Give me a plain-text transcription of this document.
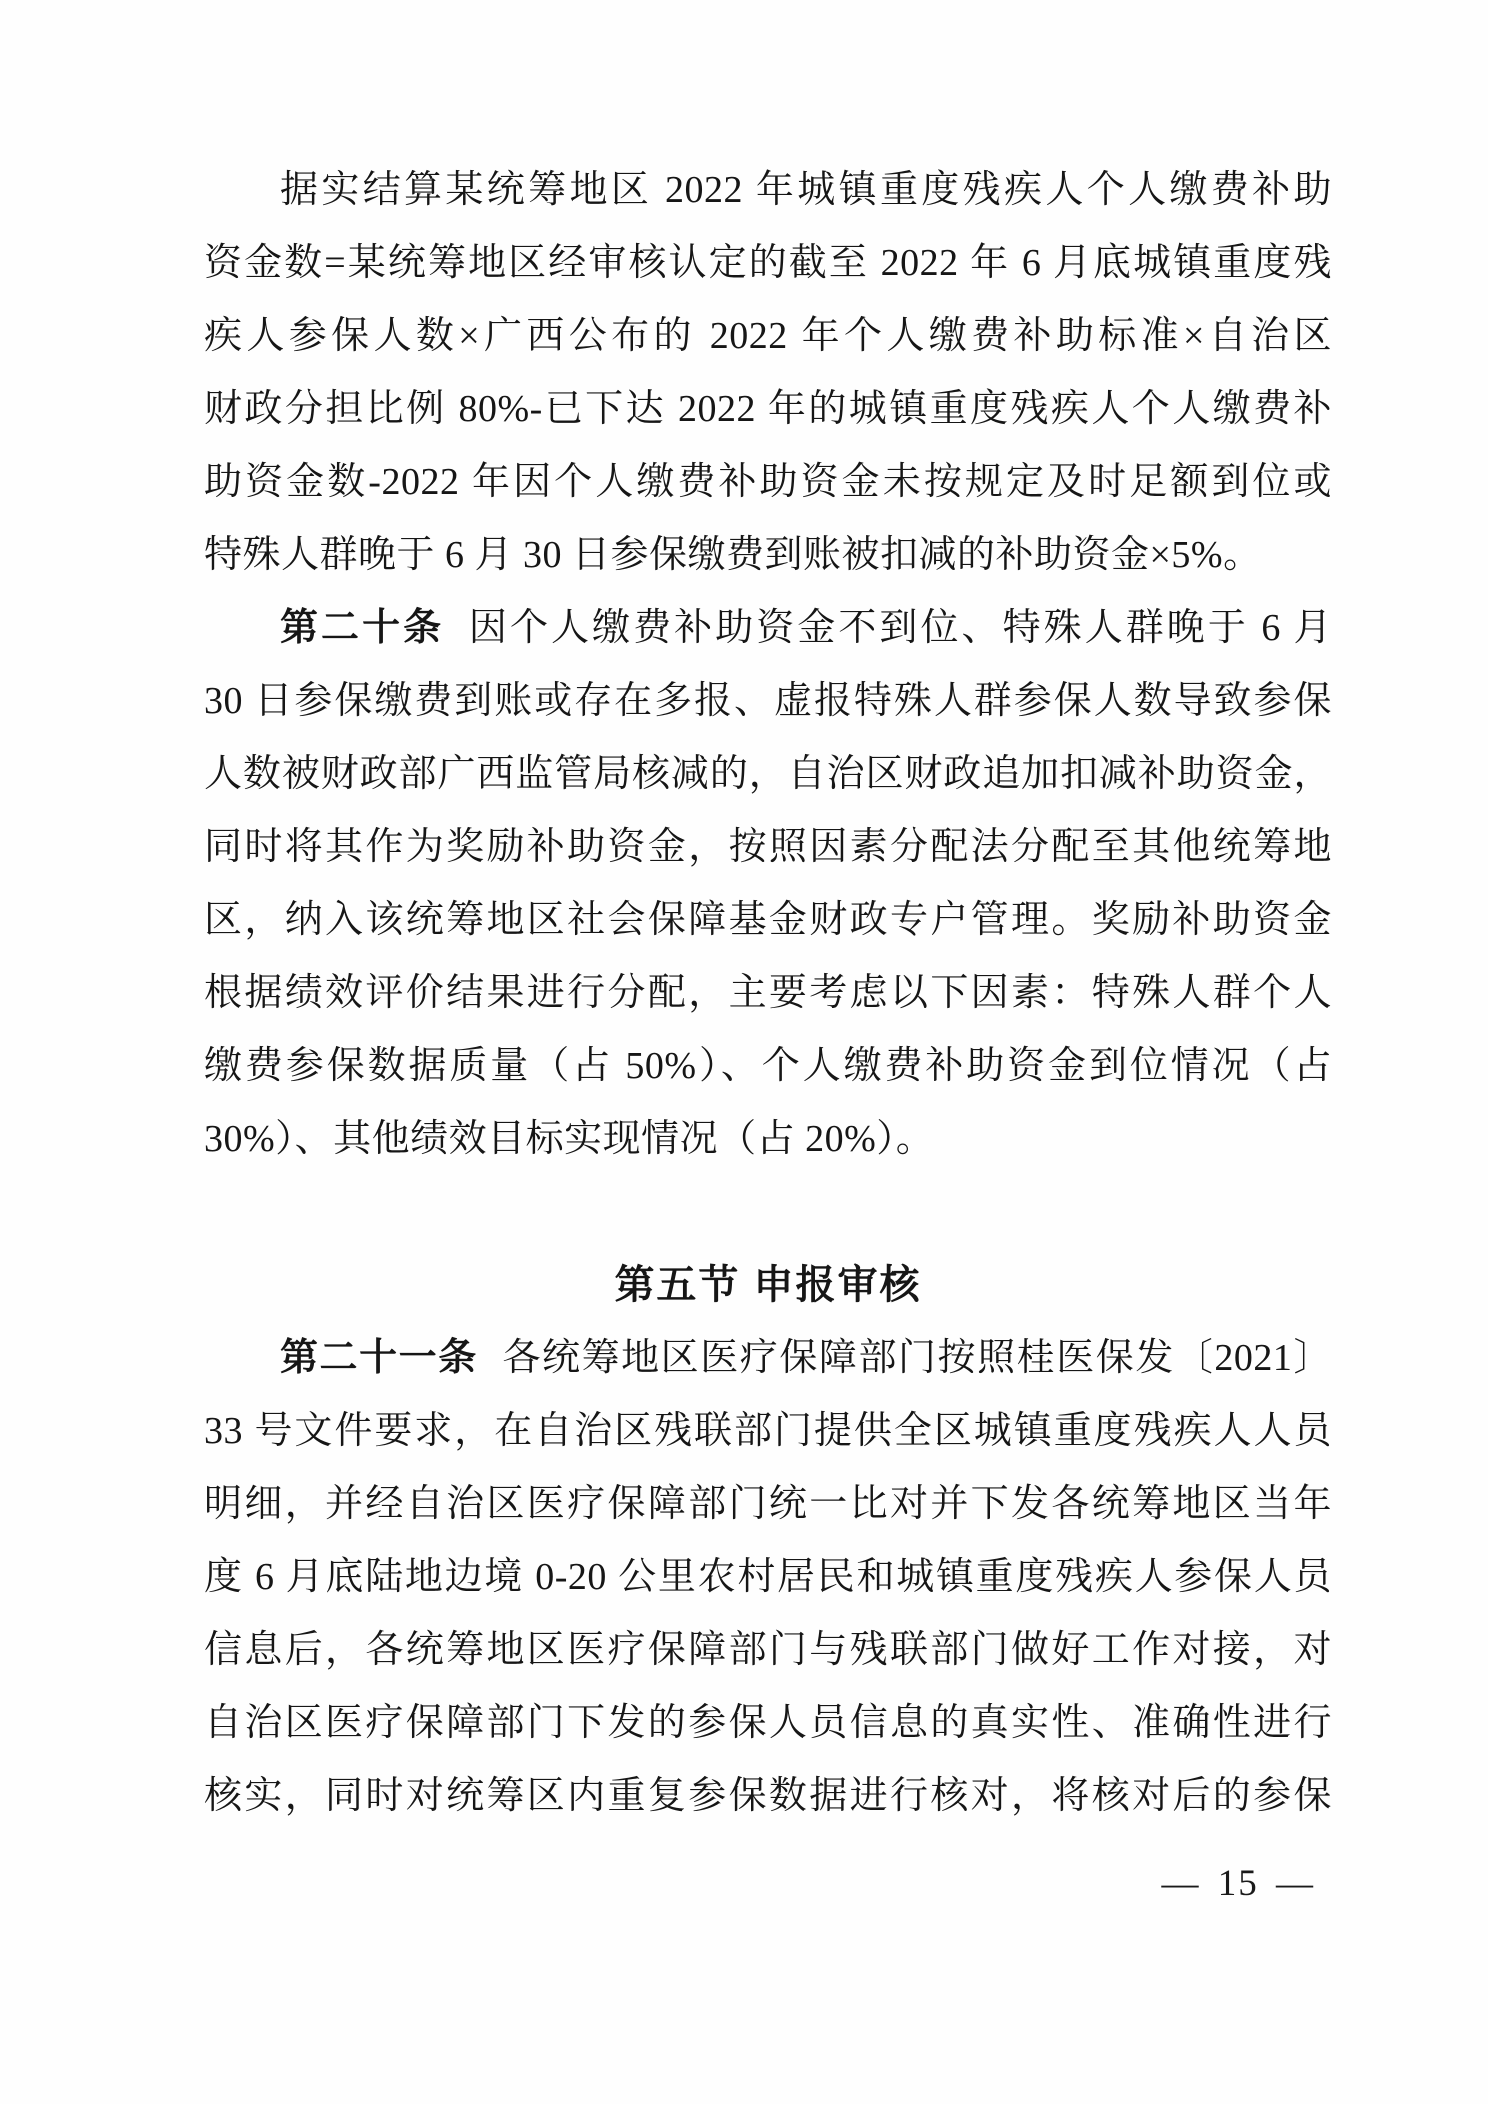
据实结算某统筹地区 2022 年城镇重度残疾人个人缴费补助
资金数=某统筹地区经审核认定的截至 2022 年 6 月底城镇重度残
疾人参保人数×广西公布的 2022 年个人缴费补助标准×自治区
财政分担比例 80%-已下达 2022 年的城镇重度残疾人个人缴费补
助资金数-2022 年因个人缴费补助资金未按规定及时足额到位或
特殊人群晚于 6 月 30 日参保缴费到账被扣减的补助资金×5%。
第二十条 因个人缴费补助资金不到位、特殊人群晚于 6 月
30 日参保缴费到账或存在多报、虚报特殊人群参保人数导致参保
人数被财政部广西监管局核减的，自治区财政追加扣减补助资金，
同时将其作为奖励补助资金，按照因素分配法分配至其他统筹地
区，纳入该统筹地区社会保障基金财政专户管理。奖励补助资金
根据绩效评价结果进行分配，主要考虑以下因素：特殊人群个人
缴费参保数据质量（占 50%）、个人缴费补助资金到位情况（占
30%）、其他绩效目标实现情况（占 20%）。
第五节 申报审核
第二十一条 各统筹地区医疗保障部门按照桂医保发〔2021〕
33 号文件要求，在自治区残联部门提供全区城镇重度残疾人人员
明细，并经自治区医疗保障部门统一比对并下发各统筹地区当年
度 6 月底陆地边境 0-20 公里农村居民和城镇重度残疾人参保人员
信息后，各统筹地区医疗保障部门与残联部门做好工作对接，对
自治区医疗保障部门下发的参保人员信息的真实性、准确性进行
核实，同时对统筹区内重复参保数据进行核对，将核对后的参保
— 15 —
